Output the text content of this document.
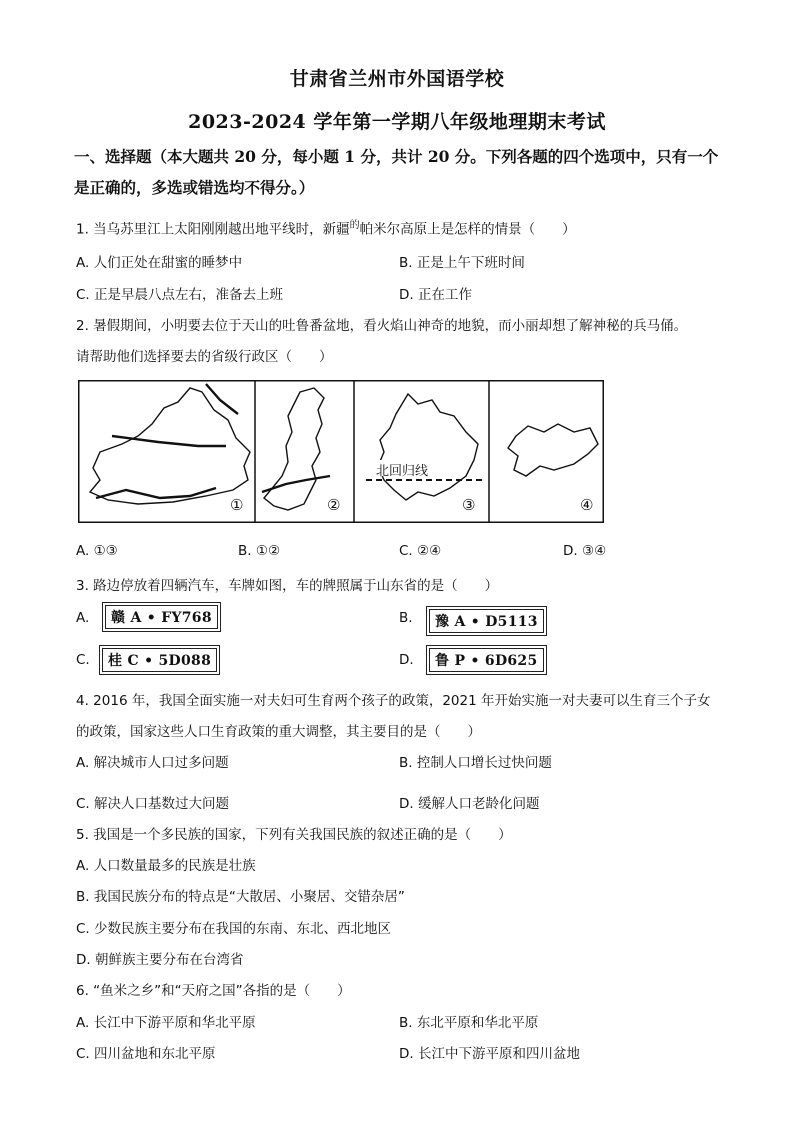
甘肃省兰州市外国语学校
2023-2024 学年第一学期八年级地理期末考试
一、选择题（本大题共 20 分，每小题 1 分，共计 20 分。下列各题的四个选项中，只有一个
是正确的，多选或错选均不得分。）
1. 当乌苏里江上太阳刚刚越出地平线时，新疆$^的$帕米尔高原上是怎样的情景（　　）
A. 人们正处在甜蜜的睡梦中	B. 正是上午下班时间
C. 正是早晨八点左右，准备去上班	D. 正在工作
2. 暑假期间，小明要去位于天山的吐鲁番盆地，看火焰山神奇的地貌，而小丽却想了解神秘的兵马俑。
请帮助他们选择要去的省级行政区（　　）
①	②	③	④
北回归线
A. ①③	B. ①②	C. ②④	D. ③④
3. 路边停放着四辆汽车，车牌如图，车的牌照属于山东省的是（　　）
A.	赣 A • FY768	B.	豫 A • D5113
C.	桂 C • 5D088	D.	鲁 P • 6D625
4. 2016 年，我国全面实施一对夫妇可生育两个孩子的政策，2021 年开始实施一对夫妻可以生育三个子女
的政策，国家这些人口生育政策的重大调整，其主要目的是（　　）
A. 解决城市人口过多问题	B. 控制人口增长过快问题
C. 解决人口基数过大问题	D. 缓解人口老龄化问题
5. 我国是一个多民族的国家，下列有关我国民族的叙述正确的是（　　）
A. 人口数量最多的民族是壮族
B. 我国民族分布的特点是“大散居、小聚居、交错杂居”
C. 少数民族主要分布在我国的东南、东北、西北地区
D. 朝鲜族主要分布在台湾省
6. “鱼米之乡”和“天府之国”各指的是（　　）
A. 长江中下游平原和华北平原	B. 东北平原和华北平原
C. 四川盆地和东北平原	D. 长江中下游平原和四川盆地
